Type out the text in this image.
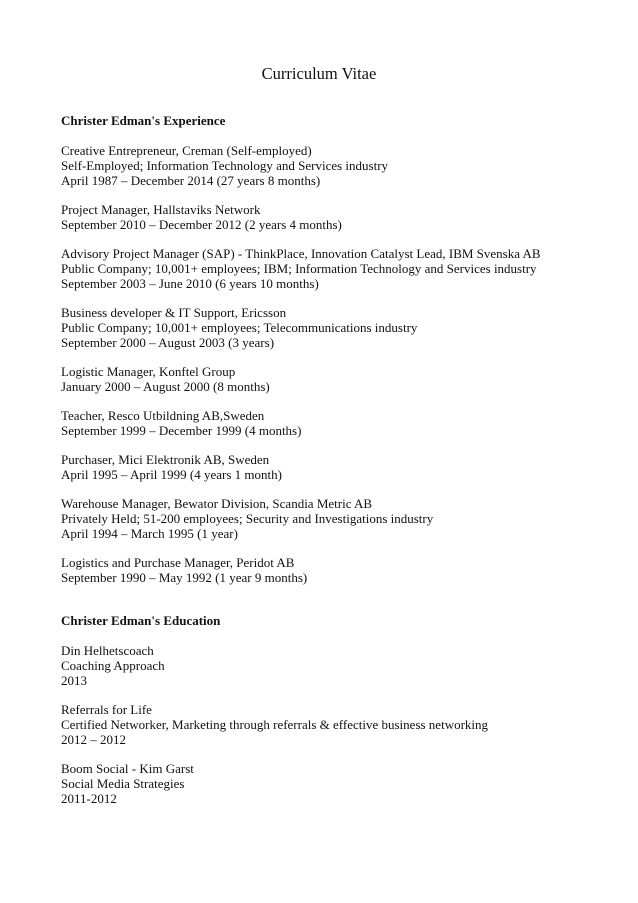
Curriculum Vitae
Christer Edman's Experience
Creative Entrepreneur, Creman (Self-employed)
Self-Employed; Information Technology and Services industry
April 1987 – December 2014 (27 years 8 months)
Project Manager, Hallstaviks Network
September 2010 – December 2012 (2 years 4 months)
Advisory Project Manager (SAP) - ThinkPlace, Innovation Catalyst Lead, IBM Svenska AB
Public Company; 10,001+ employees; IBM; Information Technology and Services industry
September 2003 – June 2010 (6 years 10 months)
Business developer & IT Support, Ericsson
Public Company; 10,001+ employees; Telecommunications industry
September 2000 – August 2003 (3 years)
Logistic Manager, Konftel Group
January 2000 – August 2000 (8 months)
Teacher, Resco Utbildning AB,Sweden
September 1999 – December 1999 (4 months)
Purchaser, Mici Elektronik AB, Sweden
April 1995 – April 1999 (4 years 1 month)
Warehouse Manager, Bewator Division, Scandia Metric AB
Privately Held; 51-200 employees; Security and Investigations industry
April 1994 – March 1995 (1 year)
Logistics and Purchase Manager, Peridot AB
September 1990 – May 1992 (1 year 9 months)
Christer Edman's Education
Din Helhetscoach
Coaching Approach
2013
Referrals for Life
Certified Networker, Marketing through referrals & effective business networking
2012 – 2012
Boom Social - Kim Garst
Social Media Strategies
2011-2012
